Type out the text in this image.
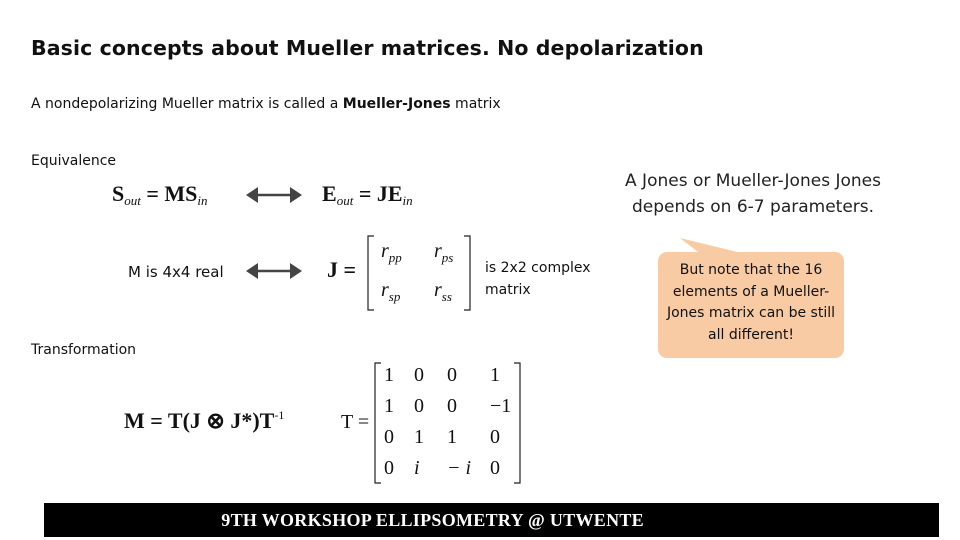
Basic concepts about Mueller matrices. No depolarization
A nondepolarizing Mueller matrix is called a Mueller-Jones matrix
Equivalence
$S_{out} = MS_{in}$	$E_{out} = JE_{in}$
M is 4x4 real	J =
$r_{pp}$ $r_{ps}$
$r_{sp}$ $r_{ss}$
is 2x2 complex matrix
Transformation
M = T(J ⊗ $J*)T^{-1}$	T =
1 0 0 1
1 0 0 −1
0 1 1 0
0 i − i 0
A Jones or Mueller-Jones Jones depends on 6-7 parameters.
But note that the 16 elements of a Mueller-Jones matrix can be still all different!
9TH WORKSHOP ELLIPSOMETRY @ UTWENTE
